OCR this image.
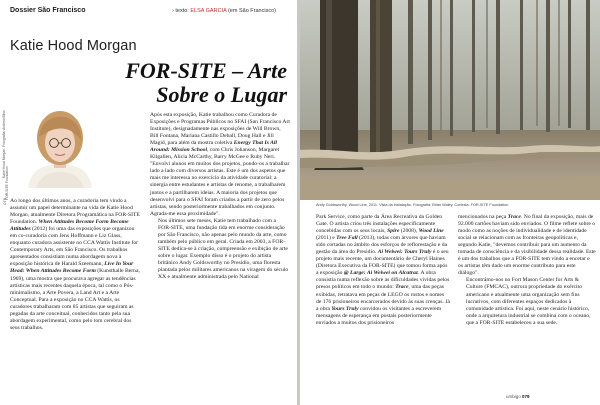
Dossier São Francisco	› texto: ELSA GARCIA (em São Francisco)
Katie Hood Morgan
FOR-SITE – Arte
Sobre o Lugar
Katie Hood Morgan. Fotografia: Andrew Bliss
FOR-SITE Foundation
078 Ao longo dos últimos anos, a curadoria tem vindo a assumir um papel determinante na vida de Katie Hood Morgan, atualmente Diretora Programática na FOR-SITE Foundation. When Attitudes Become Form Become Attitudes (2012) foi uma das exposições que organizou em co-curadoria com Jens Hoffmann e Liz Glass, enquanto curadora assistente no CCA Wattis Institute for Contemporary Arts, em São Francisco. Os trabalhos apresentados consistiam numa abordagem nova à exposição histórica de Harald Szeemann, Live In Your Head: When Attitudes Become Form (Kunsthalle Berna, 1969), uma mostra que procurava agregar as tendências artísticas mais recentes daquela época, tal como o Pós-minimalismo, a Arte Povera, a Land Art e a Arte Conceptual. Para a exposição no CCA Wattis, os curadores trabalharam com 85 artistas que seguiram as pegadas da arte conceitual, conhecidos tanto pela sua abordagem experimental, como pelo tom cerebral dos seus trabalhos.
Após esta exposição, Katie trabalhou como Curadora de Exposições e Programas Públicos no SFAI (San Francisco Art Institute), designadamente nas exposições de Will Brown, Bill Fontana, Mariana Castillo Deball, Doug Hall e Jill Magid, para além da mostra coletiva Energy That Is All Around: Mission School, com Chris Johanson, Margaret Kilgallen, Alicia McCarthy, Barry McGee e Ruby Neri. "Envolvi alunos em muitos dos projetos, pondo-os a trabalhar lado a lado com diversos artistas. Este é um dos aspetos que mais me interessa no exercício da atividade curatorial: a sinergia entre estudantes e artistas de renome, a trabalharem juntos e a partilharem ideias. A maioria dos projetos que desenvolvi para o SFAI foram criados a partir de zero pelos artistas, sendo posteriormente trabalhados em conjunto. Agrada-me essa proximidade".
Nos últimos sete meses, Katie tem trabalhado com a FOR-SITE, uma fundação tida em enorme consideração por São Francisco, não apenas pelo mundo da arte, como também pelo público em geral. Criada em 2003, a FOR-SITE dedica-se à criação, compreensão e exibição de arte sobre o lugar. Exemplo disso é o projeto do artista britânico Andy Goldsworthy no Presidio, uma floresta plantada pelos militares americanos na viragem do século XX e atualmente administrada pelo National
Andy Goldsworthy, Wood Line, 2011. Vista da instalação. Fotografia: Brian Waley. Cortesia: FOR-SITE Foundation
Park Service, como parte da Área Recreativa da Golden Gate. O artista criou três instalações especificamente concebidas com os seus locais, Spire (2008), Wood Line (2011) e Tree Fall (2013), todas com árvores que haviam sido cortadas no âmbito dos esforços de reflorestação e da gestão da área do Presidio. Ai Weiwei: Tours Truly é o seu projeto mais recente, um documentário de Cheryl Haines (Diretora Executiva da FOR-SITE) que tomou forma após a exposição @ Large: Ai Weiwei on Alcatraz. A obra consistia numa reflexão sobre as dificuldades vividas pelos presos políticos em todo o mundo: Trace, uma das peças exibidas, retratava em peças de LEGO os rostos e nomes de 176 prisioneiros encarcerados devido às suas crenças. Já a obra Yours Truly convidou os visitantes a escreverem mensagens de esperança em postais posteriormente enviados a muitos dos prisioneiros
mencionados na peça Trace. No final da exposição, mais de 92.000 cartões haviam sido enviados. O filme reflete sobre o modo como as noções de individualidade e de identidade social se relacionam com as fronteiras geopolíticas e, segundo Katie, "devemos contribuir para um aumento da tomada de consciência e da visibilidade dessa realidade. Este é um dos trabalhos que a FOR-SITE tem vindo a encetar e os artistas têm dado um enorme contributo para este diálogo".
Encontrámo-nos no Fort Mason Center for Arts & Culture (FMCAC), outrora propriedade do exército americano e atualmente uma organização sem fins lucrativos, com diferentes espaços dedicados à comunidade artística. Foi aqui, neste cenário histórico, onde a arquitetura industrial se combina com o oceano, que a FOR-SITE estabeleceu a sua sede.
umbigo 079
